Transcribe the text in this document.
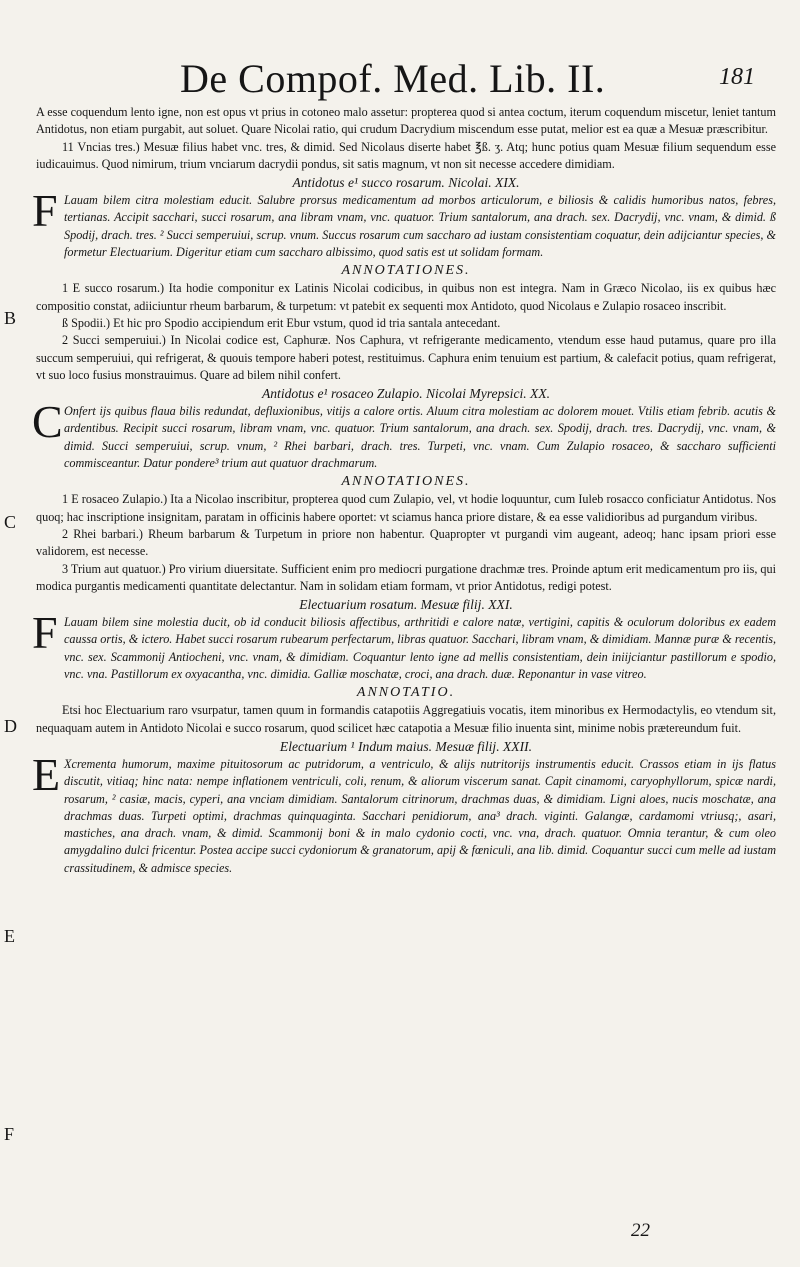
De Compof. Med. Lib. II.	181
B
C
D
E
F

A esse coquendum lento igne, non est opus vt prius in cotoneo malo assetur: propterea quod si antea coctum, iterum coquendum miscetur, leniet tantum Antidotus, non etiam purgabit, aut soluet. Quare Nicolai ratio, qui crudum Dacrydium miscendum esse putat, melior est ea quæ a Mesuæ præscribitur.

11 Vncias tres.) Mesuæ filius habet vnc. tres, & dimid. Sed Nicolaus diserte habet ℥ß. ʒ. Atq; hunc potius quam Mesuæ filium sequendum esse iudicauimus. Quod nimirum, trium vnciarum dacrydii pondus, sit satis magnum, vt non sit necesse accedere dimidiam.

Antidotus e¹ succo rosarum. Nicolai. XIX.

F Lauam bilem citra molestiam educit. Salubre prorsus medicamentum ad morbos articulorum, e biliosis & calidis humoribus natos, febres, tertianas. Accipit sacchari, succi rosarum, ana libram vnam, vnc. quatuor. Trium santalorum, ana drach. sex. Dacrydij, vnc. vnam, & dimid. ß Spodij, drach. tres. ² Succi semperuiui, scrup. vnum. Succus rosarum cum saccharo ad iustam consistentiam coquatur, dein adijciantur species, & formetur Electuarium. Digeritur etiam cum saccharo albissimo, quod satis est ut solidam formam.

ANNOTATIONES.

1 E succo rosarum.) Ita hodie componitur ex Latinis Nicolai codicibus, in quibus non est integra. Nam in Græco Nicolao, iis ex quibus hæc compositio constat, adiiciuntur rheum barbarum, & turpetum: vt patebit ex sequenti mox Antidoto, quod Nicolaus e Zulapio rosaceo inscribit.

ß Spodii.) Et hic pro Spodio accipiendum erit Ebur vstum, quod id tria santala antecedant.

2 Succi semperuiui.) In Nicolai codice est, Caphuræ. Nos Caphura, vt refrigerante medicamento, vtendum esse haud putamus, quare pro illa succum semperuiui, qui refrigerat, & quouis tempore haberi potest, restituimus. Caphura enim tenuium est partium, & calefacit potius, quam refrigerat, vt suo loco fusius monstrauimus. Quare ad bilem nihil confert.

Antidotus e¹ rosaceo Zulapio. Nicolai Myrepsici. XX.

C Onfert ijs quibus flaua bilis redundat, defluxionibus, vitijs a calore ortis. Aluum citra molestiam ac dolorem mouet. Vtilis etiam febrib. acutis & ardentibus. Recipit succi rosarum, libram vnam, vnc. quatuor. Trium santalorum, ana drach. sex. Spodij, drach. tres. Dacrydij, vnc. vnam, & dimid. Succi semperuiui, scrup. vnum, ² Rhei barbari, drach. tres. Turpeti, vnc. vnam. Cum Zulapio rosaceo, & saccharo sufficienti commisceantur. Datur pondere³ trium aut quatuor drachmarum.

ANNOTATIONES.

1 E rosaceo Zulapio.) Ita a Nicolao inscribitur, propterea quod cum Zulapio, vel, vt hodie loquuntur, cum Iuleb rosacco conficiatur Antidotus. Nos quoq; hac inscriptione insignitam, paratam in officinis habere oportet: vt sciamus hanca priore distare, & ea esse validioribus ad purgandum viribus.

2 Rhei barbari.) Rheum barbarum & Turpetum in priore non habentur. Quapropter vt purgandi vim augeant, adeoq; hanc ipsam priori esse validorem, est necesse.

3 Trium aut quatuor.) Pro virium diuersitate. Sufficient enim pro mediocri purgatione drachmæ tres. Proinde aptum erit medicamentum pro iis, qui modica purgantis medicamenti quantitate delectantur. Nam in solidam etiam formam, vt prior Antidotus, redigi potest.

Electuarium rosatum. Mesuæ filij. XXI.

F Lauam bilem sine molestia ducit, ob id conducit biliosis affectibus, arthritidi e calore natæ, vertigini, capitis & oculorum doloribus ex eadem caussa ortis, & ictero. Habet succi rosarum rubearum perfectarum, libras quatuor. Sacchari, libram vnam, & dimidiam. Mannæ puræ & recentis, vnc. sex. Scammonij Antiocheni, vnc. vnam, & dimidiam. Coquantur lento igne ad mellis consistentiam, dein iniijciantur pastillorum e spodio, vnc. vna. Pastillorum ex oxyacantha, vnc. dimidia. Galliæ moschatæ, croci, ana drach. duæ. Reponantur in vase vitreo.

ANNOTATIO.

Etsi hoc Electuarium raro vsurpatur, tamen quum in formandis catapotiis Aggregatiuis vocatis, item minoribus ex Hermodactylis, eo vtendum sit, nequaquam autem in Antidoto Nicolai e succo rosarum, quod scilicet hæc catapotia a Mesuæ filio inuenta sint, minime nobis prætereundum fuit.

Electuarium ¹ Indum maius. Mesuæ filij. XXII.

E Xcrementa humorum, maxime pituitosorum ac putridorum, a ventriculo, & alijs nutritorijs instrumentis educit. Crassos etiam in ijs flatus discutit, vitiaq; hinc nata: nempe inflationem ventriculi, coli, renum, & aliorum viscerum sanat. Capit cinamomi, caryophyllorum, spicæ nardi, rosarum, ² casiæ, macis, cyperi, ana vnciam dimidiam. Santalorum citrinorum, drachmas duas, & dimidiam. Ligni aloes, nucis moschatæ, ana drachmas duas. Turpeti optimi, drachmas quinquaginta. Sacchari penidiorum, ana³ drach. viginti. Galangæ, cardamomi vtriusq;, asari, mastiches, ana drach. vnam, & dimid. Scammonij boni & in malo cydonio cocti, vnc. vna, drach. quatuor. Omnia terantur, & cum oleo amygdalino dulci fricentur. Postea accipe succi cydoniorum & granatorum, apij & fœniculi, ana lib. dimid. Coquantur succi cum melle ad iustam crassitudinem, & admisce species.

22
